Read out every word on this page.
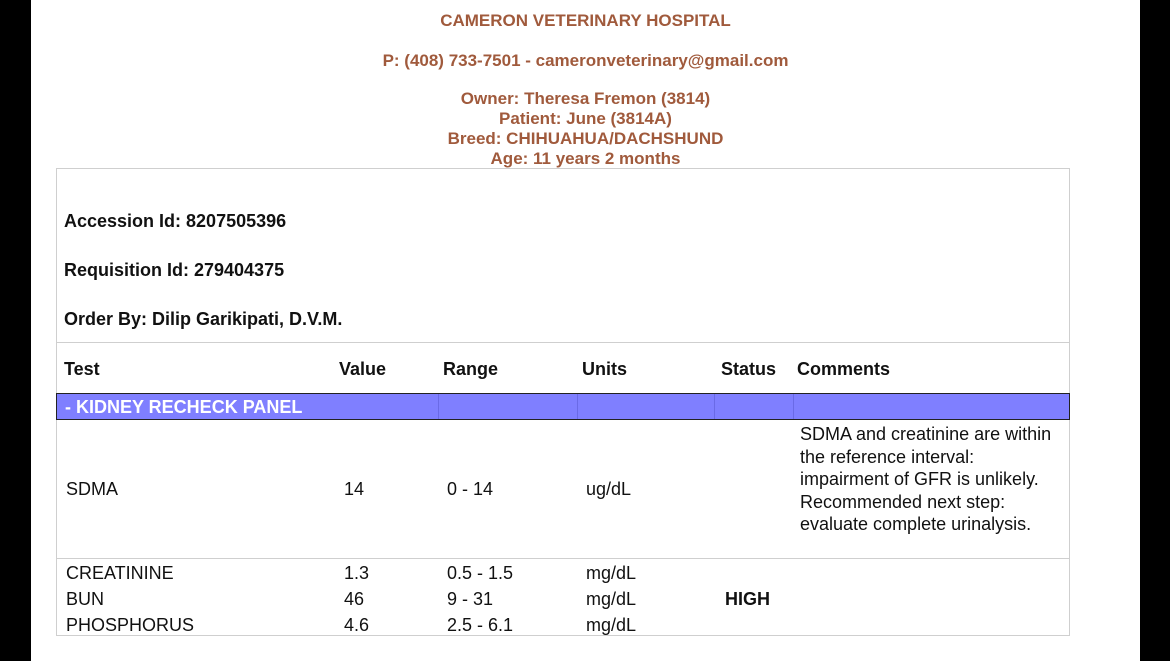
CAMERON VETERINARY HOSPITAL
P: (408) 733-7501 - cameronveterinary@gmail.com
Owner: Theresa Fremon (3814)
Patient: June (3814A)
Breed: CHIHUAHUA/DACHSHUND
Age: 11 years 2 months
Accession Id: 8207505396
Requisition Id: 279404375
Order By: Dilip Garikipati, D.V.M.
Test	Value	Range	Units	Status Comments
- KIDNEY RECHECK PANEL
SDMA	14	0 - 14	ug/dL
SDMA and creatinine are within the reference interval: impairment of GFR is unlikely. Recommended next step: evaluate complete urinalysis.
CREATININE	1.3	0.5 - 1.5	mg/dL
BUN	46	9 - 31	mg/dL	HIGH
PHOSPHORUS	4.6	2.5 - 6.1	mg/dL
